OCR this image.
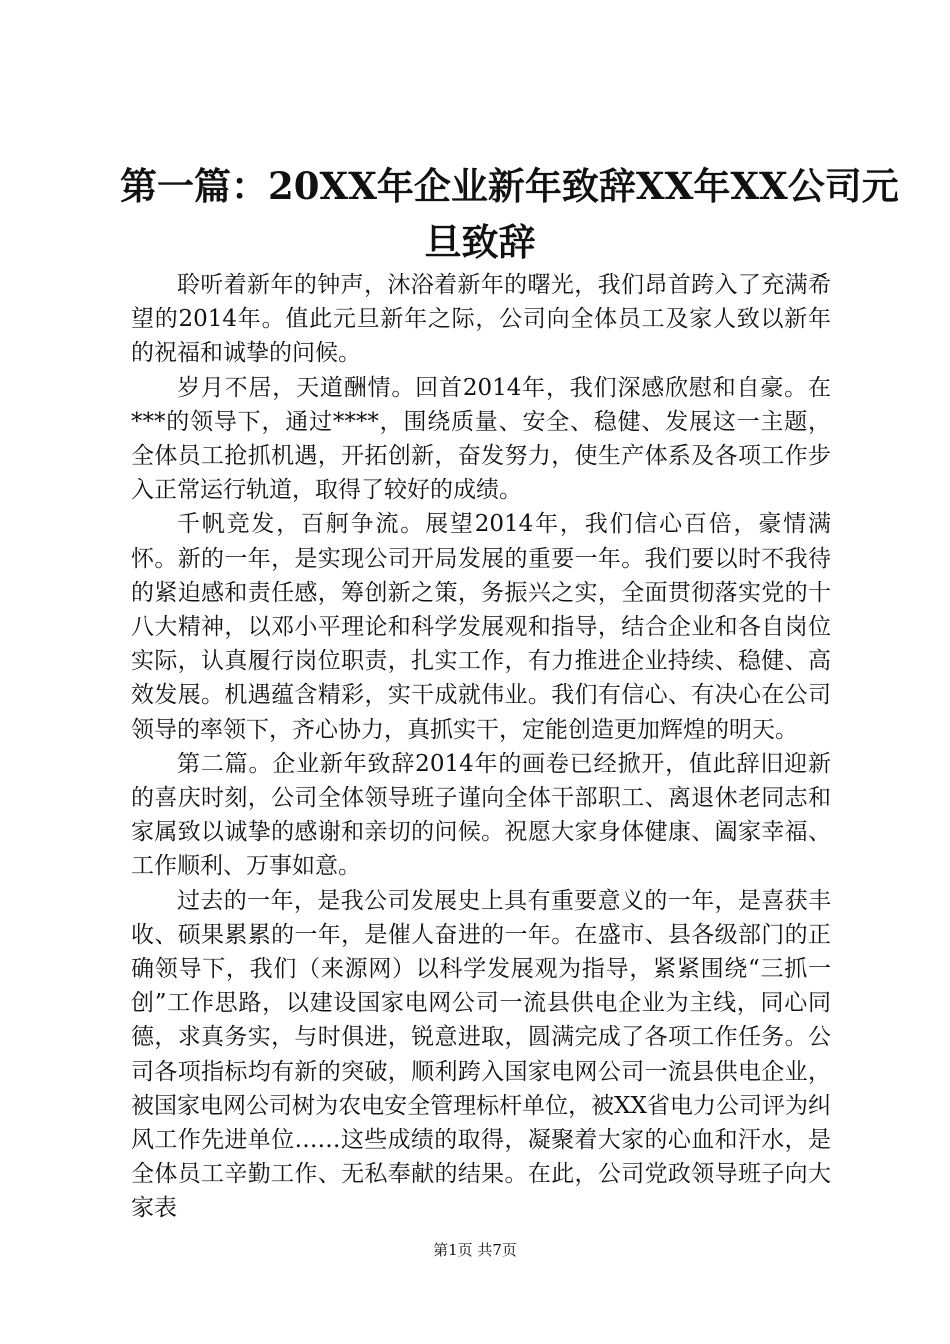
第一篇：20XX年企业新年致辞XX年XX公司元
旦致辞

聆听着新年的钟声，沐浴着新年的曙光，我们昂首跨入了充满希望的2014年。值此元旦新年之际，公司向全体员工及家人致以新年的祝福和诚挚的问候。

岁月不居，天道酬情。回首2014年，我们深感欣慰和自豪。在***的领导下，通过****，围绕质量、安全、稳健、发展这一主题，全体员工抢抓机遇，开拓创新，奋发努力，使生产体系及各项工作步入正常运行轨道，取得了较好的成绩。

千帆竞发，百舸争流。展望2014年，我们信心百倍，豪情满怀。新的一年，是实现公司开局发展的重要一年。我们要以时不我待的紧迫感和责任感，筹创新之策，务振兴之实，全面贯彻落实党的十八大精神，以邓小平理论和科学发展观和指导，结合企业和各自岗位实际，认真履行岗位职责，扎实工作，有力推进企业持续、稳健、高效发展。机遇蕴含精彩，实干成就伟业。我们有信心、有决心在公司领导的率领下，齐心协力，真抓实干，定能创造更加辉煌的明天。

第二篇。企业新年致辞2014年的画卷已经掀开，值此辞旧迎新的喜庆时刻，公司全体领导班子谨向全体干部职工、离退休老同志和家属致以诚挚的感谢和亲切的问候。祝愿大家身体健康、阖家幸福、工作顺利、万事如意。

过去的一年，是我公司发展史上具有重要意义的一年，是喜获丰收、硕果累累的一年，是催人奋进的一年。在盛市、县各级部门的正确领导下，我们（来源网）以科学发展观为指导，紧紧围绕“三抓一创”工作思路，以建设国家电网公司一流县供电企业为主线，同心同德，求真务实，与时俱进，锐意进取，圆满完成了各项工作任务。公司各项指标均有新的突破，顺利跨入国家电网公司一流县供电企业，被国家电网公司树为农电安全管理标杆单位，被XX省电力公司评为纠风工作先进单位……这些成绩的取得，凝聚着大家的心血和汗水，是全体员工辛勤工作、无私奉献的结果。在此，公司党政领导班子向大家表

第1页 共7页
